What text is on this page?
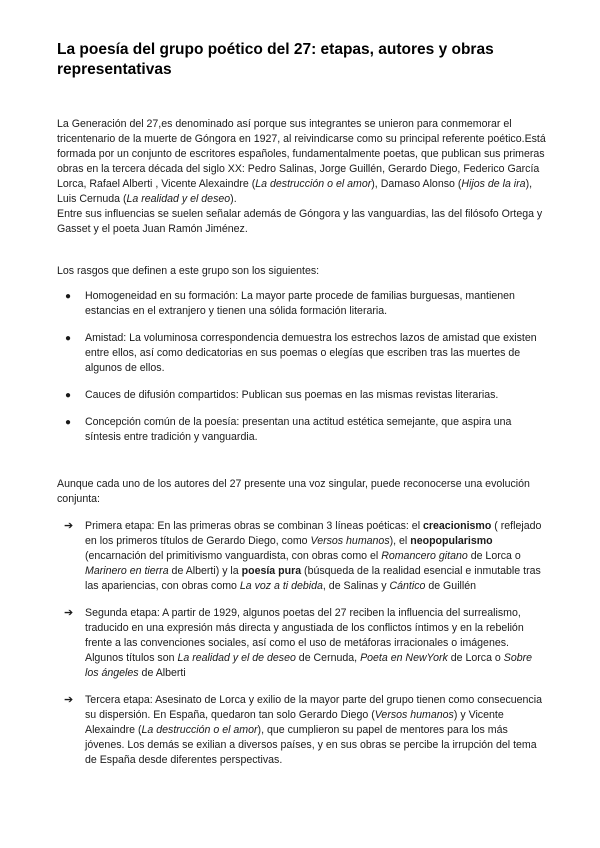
La poesía del grupo poético del 27: etapas, autores y obras representativas

La Generación del 27,es denominado así porque sus integrantes se unieron para conmemorar el tricentenario de la muerte de Góngora en 1927, al reivindicarse como su principal referente poético.Está formada por un conjunto de escritores españoles, fundamentalmente poetas, que publican sus primeras obras en la tercera década del siglo XX: Pedro Salinas, Jorge Guillén, Gerardo Diego, Federico García Lorca, Rafael Alberti , Vicente Alexaindre (La destrucción o el amor), Damaso Alonso (Hijos de la ira), Luis Cernuda (La realidad y el deseo).

Entre sus influencias se suelen señalar además de Góngora y las vanguardias, las del filósofo Ortega y Gasset y el poeta Juan Ramón Jiménez.

Los rasgos que definen a este grupo son los siguientes:

● Homogeneidad en su formación: La mayor parte procede de familias burguesas, mantienen estancias en el extranjero y tienen una sólida formación literaria.
● Amistad: La voluminosa correspondencia demuestra los estrechos lazos de amistad que existen entre ellos, así como dedicatorias en sus poemas o elegías que escriben tras las muertes de algunos de ellos.
● Cauces de difusión compartidos: Publican sus poemas en las mismas revistas literarias.
● Concepción común de la poesía: presentan una actitud estética semejante, que aspira una síntesis entre tradición y vanguardia.

Aunque cada uno de los autores del 27 presente una voz singular, puede reconocerse una evolución conjunta:

➔ Primera etapa: En las primeras obras se combinan 3 líneas poéticas: el creacionismo ( reflejado en los primeros títulos de Gerardo Diego, como Versos humanos), el neopopularismo (encarnación del primitivismo vanguardista, con obras como el Romancero gitano de Lorca o Marinero en tierra de Alberti) y la poesía pura (búsqueda de la realidad esencial e inmutable tras las apariencias, con obras como La voz a ti debida, de Salinas y Cántico de Guillén
➔ Segunda etapa: A partir de 1929, algunos poetas del 27 reciben la influencia del surrealismo, traducido en una expresión más directa y angustiada de los conflictos íntimos y en la rebelión frente a las convenciones sociales, así como el uso de metáforas irracionales o imágenes. Algunos títulos son La realidad y el de deseo de Cernuda, Poeta en NewYork de Lorca o Sobre los ángeles de Alberti
➔ Tercera etapa: Asesinato de Lorca y exilio de la mayor parte del grupo tienen como consecuencia su dispersión. En España, quedaron tan solo Gerardo Diego (Versos humanos) y Vicente Alexaindre (La destrucción o el amor), que cumplieron su papel de mentores para los más jóvenes. Los demás se exilian a diversos países, y en sus obras se percibe la irrupción del tema de España desde diferentes perspectivas.
